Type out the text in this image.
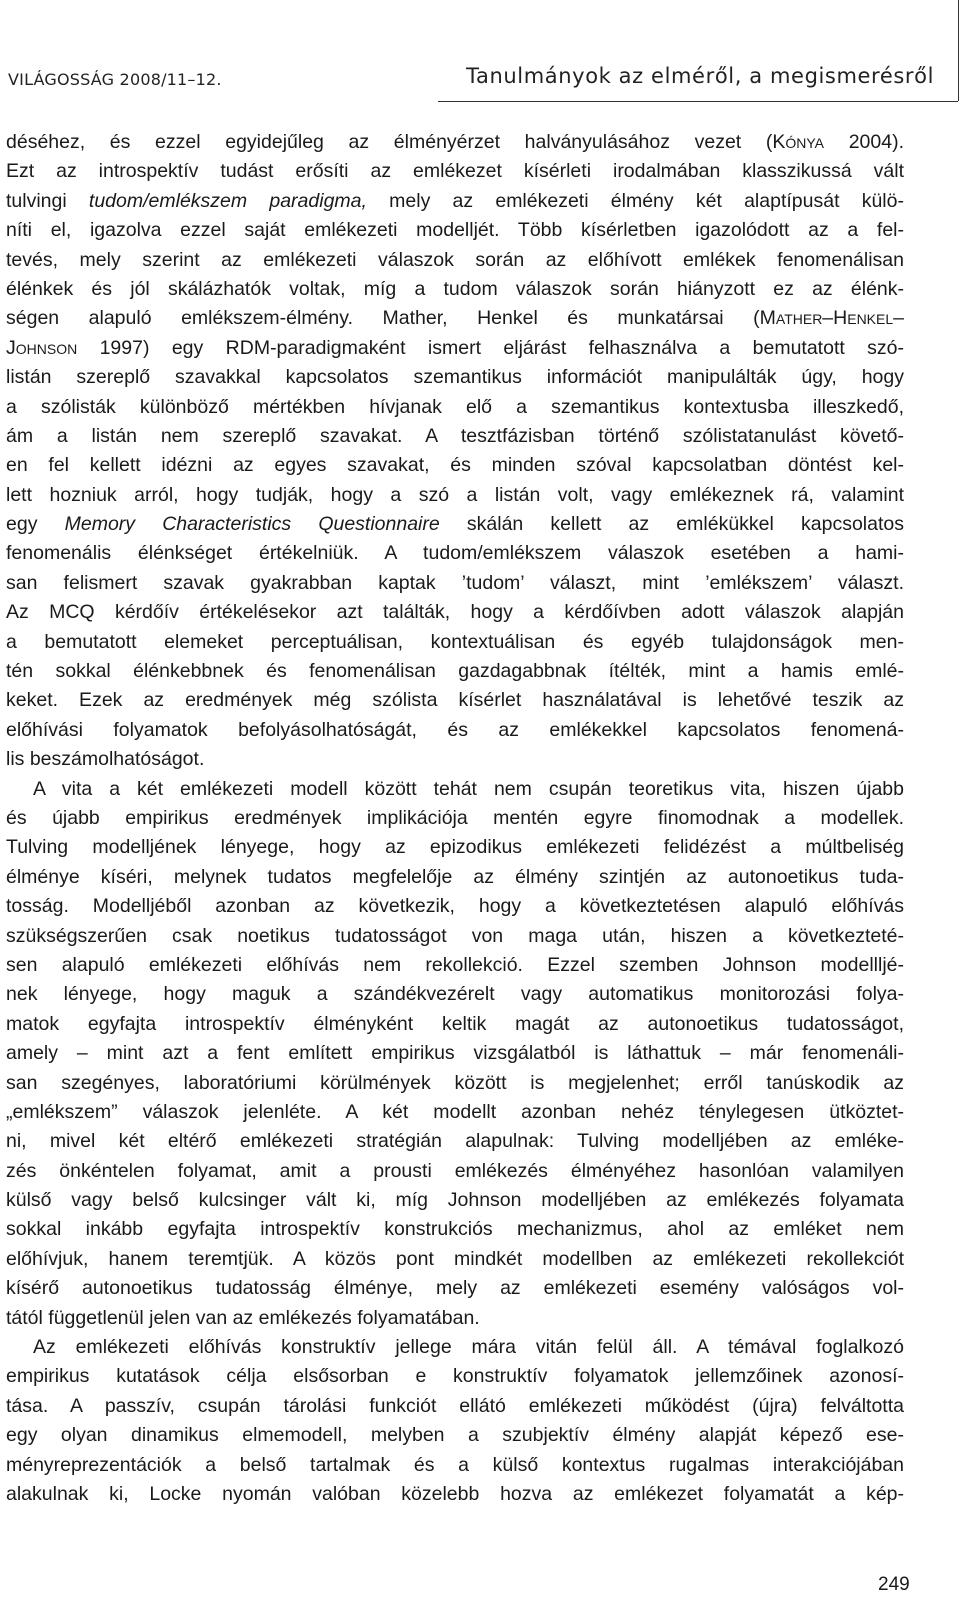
VILÁGOSSÁG 2008/11–12.	Tanulmányok az elméről, a megismerésről
déséhez, és ezzel egyidejűleg az élményérzet halványulásához vezet (Kónya 2004).
Ezt az introspektív tudást erősíti az emlékezet kísérleti irodalmában klasszikussá vált
tulvingi tudom/emlékszem paradigma, mely az emlékezeti élmény két alaptípusát külö-
níti el, igazolva ezzel saját emlékezeti modelljét. Több kísérletben igazolódott az a fel-
tevés, mely szerint az emlékezeti válaszok során az előhívott emlékek fenomenálisan
élénkek és jól skálázhatók voltak, míg a tudom válaszok során hiányzott ez az élénk-
ségen alapuló emlékszem-élmény. Mather, Henkel és munkatársai (Mather–Henkel–
Johnson 1997) egy RDM-paradigmaként ismert eljárást felhasználva a bemutatott szó-
listán szereplő szavakkal kapcsolatos szemantikus információt manipulálták úgy, hogy
a szólisták különböző mértékben hívjanak elő a szemantikus kontextusba illeszkedő,
ám a listán nem szereplő szavakat. A tesztfázisban történő szólistatanulást követő-
en fel kellett idézni az egyes szavakat, és minden szóval kapcsolatban döntést kel-
lett hozniuk arról, hogy tudják, hogy a szó a listán volt, vagy emlékeznek rá, valamint
egy Memory Characteristics Questionnaire skálán kellett az emlékükkel kapcsolatos
fenomenális élénkséget értékelniük. A tudom/emlékszem válaszok esetében a hami-
san felismert szavak gyakrabban kaptak ’tudom’ választ, mint ’emlékszem’ választ.
Az MCQ kérdőív értékelésekor azt találták, hogy a kérdőívben adott válaszok alapján
a bemutatott elemeket perceptuálisan, kontextuálisan és egyéb tulajdonságok men-
tén sokkal élénkebbnek és fenomenálisan gazdagabbnak ítélték, mint a hamis emlé-
keket. Ezek az eredmények még szólista kísérlet használatával is lehetővé teszik az
előhívási folyamatok befolyásolhatóságát, és az emlékekkel kapcsolatos fenomená-
lis beszámolhatóságot.
A vita a két emlékezeti modell között tehát nem csupán teoretikus vita, hiszen újabb
és újabb empirikus eredmények implikációja mentén egyre finomodnak a modellek.
Tulving modelljének lényege, hogy az epizodikus emlékezeti felidézést a múltbeliség
élménye kíséri, melynek tudatos megfelelője az élmény szintjén az autonoetikus tuda-
tosság. Modelljéből azonban az következik, hogy a következtetésen alapuló előhívás
szükségszerűen csak noetikus tudatosságot von maga után, hiszen a következteté-
sen alapuló emlékezeti előhívás nem rekollekció. Ezzel szemben Johnson modellljé-
nek lényege, hogy maguk a szándékvezérelt vagy automatikus monitorozási folya-
matok egyfajta introspektív élményként keltik magát az autonoetikus tudatosságot,
amely – mint azt a fent említett empirikus vizsgálatból is láthattuk – már fenomenáli-
san szegényes, laboratóriumi körülmények között is megjelenhet; erről tanúskodik az
„emlékszem” válaszok jelenléte. A két modellt azonban nehéz ténylegesen ütköztet-
ni, mivel két eltérő emlékezeti stratégián alapulnak: Tulving modelljében az emléke-
zés önkéntelen folyamat, amit a prousti emlékezés élményéhez hasonlóan valamilyen
külső vagy belső kulcsinger vált ki, míg Johnson modelljében az emlékezés folyamata
sokkal inkább egyfajta introspektív konstrukciós mechanizmus, ahol az emléket nem
előhívjuk, hanem teremtjük. A közös pont mindkét modellben az emlékezeti rekollekciót
kísérő autonoetikus tudatosság élménye, mely az emlékezeti esemény valóságos vol-
tától függetlenül jelen van az emlékezés folyamatában.
Az emlékezeti előhívás konstruktív jellege mára vitán felül áll. A témával foglalkozó
empirikus kutatások célja elsősorban e konstruktív folyamatok jellemzőinek azonosí-
tása. A passzív, csupán tárolási funkciót ellátó emlékezeti működést (újra) felváltotta
egy olyan dinamikus elmemodell, melyben a szubjektív élmény alapját képező ese-
ményreprezentációk a belső tartalmak és a külső kontextus rugalmas interakciójában
alakulnak ki, Locke nyomán valóban közelebb hozva az emlékezet folyamatát a kép-
249
